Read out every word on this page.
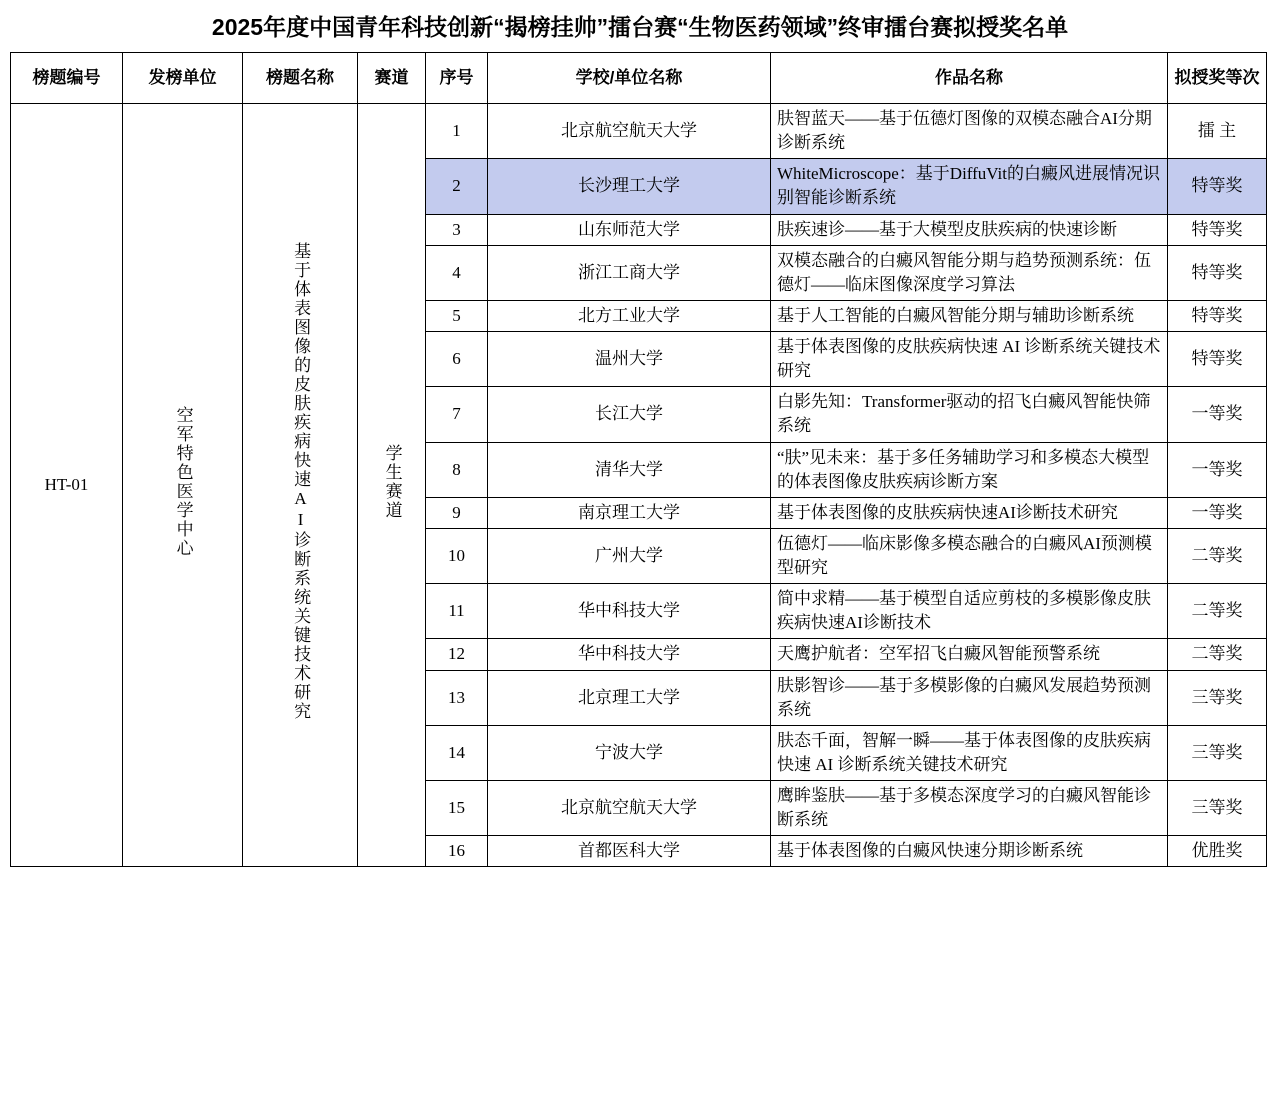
2025年度中国青年科技创新“揭榜挂帅”擂台赛“生物医药领域”终审擂台赛拟授奖名单
榜题编号	发榜单位	榜题名称	赛道	序号	学校/单位名称	作品名称	拟授奖等次
HT-01	空军特色医学中心	基于体表图像的皮肤疾病快速AI诊断系统关键技术研究	学生赛道	1	北京航空航天大学	肤智蓝天——基于伍德灯图像的双模态融合AI分期诊断系统	擂 主
				2	长沙理工大学	WhiteMicroscope：基于DiffuVit的白癜风进展情况识别智能诊断系统	特等奖
				3	山东师范大学	肤疾速诊——基于大模型皮肤疾病的快速诊断	特等奖
				4	浙江工商大学	双模态融合的白癜风智能分期与趋势预测系统：伍德灯——临床图像深度学习算法	特等奖
				5	北方工业大学	基于人工智能的白癜风智能分期与辅助诊断系统	特等奖
				6	温州大学	基于体表图像的皮肤疾病快速 AI 诊断系统关键技术研究	特等奖
				7	长江大学	白影先知：Transformer驱动的招飞白癜风智能快筛系统	一等奖
				8	清华大学	“肤”见未来：基于多任务辅助学习和多模态大模型的体表图像皮肤疾病诊断方案	一等奖
				9	南京理工大学	基于体表图像的皮肤疾病快速AI诊断技术研究	一等奖
				10	广州大学	伍德灯——临床影像多模态融合的白癜风AI预测模型研究	二等奖
				11	华中科技大学	简中求精——基于模型自适应剪枝的多模影像皮肤疾病快速AI诊断技术	二等奖
				12	华中科技大学	天鹰护航者：空军招飞白癜风智能预警系统	二等奖
				13	北京理工大学	肤影智诊——基于多模影像的白癜风发展趋势预测系统	三等奖
				14	宁波大学	肤态千面，智解一瞬——基于体表图像的皮肤疾病快速 AI 诊断系统关键技术研究	三等奖
				15	北京航空航天大学	鹰眸鉴肤——基于多模态深度学习的白癜风智能诊断系统	三等奖
				16	首都医科大学	基于体表图像的白癜风快速分期诊断系统	优胜奖
